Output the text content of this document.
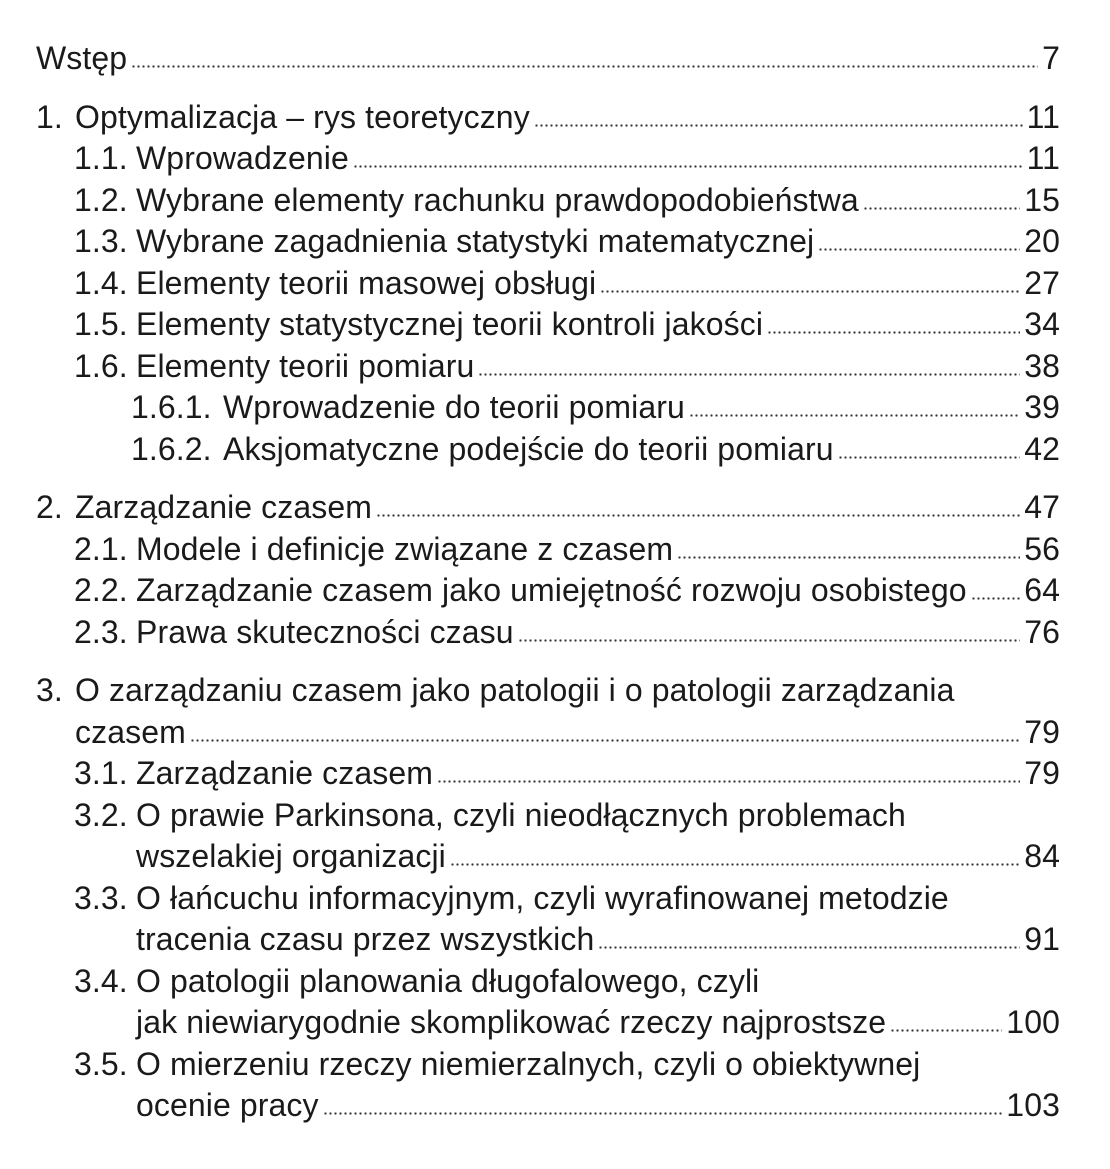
Wstęp	7
1. Optymalizacja – rys teoretyczny	11
1.1. Wprowadzenie	11
1.2. Wybrane elementy rachunku prawdopodobieństwa	15
1.3. Wybrane zagadnienia statystyki matematycznej	20
1.4. Elementy teorii masowej obsługi	27
1.5. Elementy statystycznej teorii kontroli jakości	34
1.6. Elementy teorii pomiaru	38
1.6.1. Wprowadzenie do teorii pomiaru	39
1.6.2. Aksjomatyczne podejście do teorii pomiaru	42
2. Zarządzanie czasem	47
2.1. Modele i definicje związane z czasem	56
2.2. Zarządzanie czasem jako umiejętność rozwoju osobistego 64
2.3. Prawa skuteczności czasu	76
3. O zarządzaniu czasem jako patologii i o patologii zarządzania
czasem	79
3.1. Zarządzanie czasem	79
3.2. O prawie Parkinsona, czyli nieodłącznych problemach
wszelakiej organizacji	84
3.3. O łańcuchu informacyjnym, czyli wyrafinowanej metodzie
tracenia czasu przez wszystkich	91
3.4. O patologii planowania długofalowego, czyli
jak niewiarygodnie skomplikować rzeczy najprostsze	100
3.5. O mierzeniu rzeczy niemierzalnych, czyli o obiektywnej
ocenie pracy	103
